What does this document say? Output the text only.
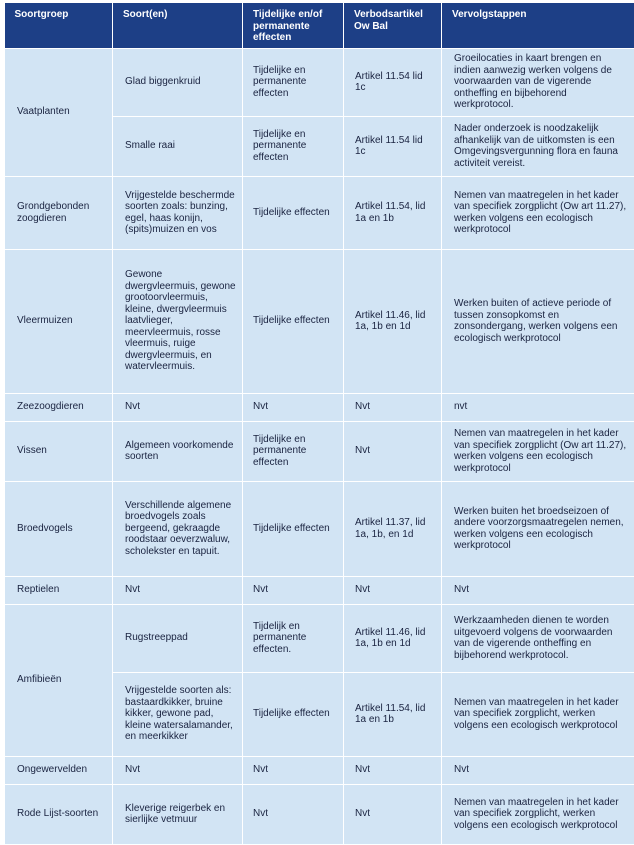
Soortgroep	Soort(en)	Tijdelijke en/of permanente effecten	Verbodsartikel Ow Bal	Vervolgstappen
Vaatplanten	Glad biggenkruid	Tijdelijke en permanente effecten	Artikel 11.54 lid 1c	Groeilocaties in kaart brengen en indien aanwezig werken volgens de voorwaarden van de vigerende ontheffing en bijbehorend werkprotocol.
	Smalle raai	Tijdelijke en permanente effecten	Artikel 11.54 lid 1c	Nader onderzoek is noodzakelijk afhankelijk van de uitkomsten is een Omgevingsvergunning flora en fauna activiteit vereist.
Grondgebonden zoogdieren	Vrijgestelde beschermde soorten zoals: bunzing, egel, haas konijn, (spits)muizen en vos	Tijdelijke effecten	Artikel 11.54, lid 1a en 1b	Nemen van maatregelen in het kader van specifiek zorgplicht (Ow art 11.27), werken volgens een ecologisch werkprotocol
Vleermuizen	Gewone dwergvleermuis, gewone grootoorvleermuis, kleine, dwergvleermuis laatvlieger, meervleermuis, rosse vleermuis, ruige dwergvleermuis, en watervleermuis.	Tijdelijke effecten	Artikel 11.46, lid 1a, 1b en 1d	Werken buiten of actieve periode of tussen zonsopkomst en zonsondergang, werken volgens een ecologisch werkprotocol
Zeezoogdieren	Nvt	Nvt	Nvt	nvt
Vissen	Algemeen voorkomende soorten	Tijdelijke en permanente effecten	Nvt	Nemen van maatregelen in het kader van specifiek zorgplicht (Ow art 11.27), werken volgens een ecologisch werkprotocol
Broedvogels	Verschillende algemene broedvogels zoals bergeend, gekraagde roodstaar oeverzwaluw, scholekster en tapuit.	Tijdelijke effecten	Artikel 11.37, lid 1a, 1b, en 1d	Werken buiten het broedseizoen of andere voorzorgsmaatregelen nemen, werken volgens een ecologisch werkprotocol
Reptielen	Nvt	Nvt	Nvt	Nvt
Amfibieën	Rugstreeppad	Tijdelijk en permanente effecten.	Artikel 11.46, lid 1a, 1b en 1d	Werkzaamheden dienen te worden uitgevoerd volgens de voorwaarden van de vigerende ontheffing en bijbehorend werkprotocol.
	Vrijgestelde soorten als: bastaardkikker, bruine kikker, gewone pad, kleine watersalamander, en meerkikker	Tijdelijke effecten	Artikel 11.54, lid 1a en 1b	Nemen van maatregelen in het kader van specifiek zorgplicht, werken volgens een ecologisch werkprotocol
Ongewervelden	Nvt	Nvt	Nvt	Nvt
Rode Lijst-soorten	Kleverige reigerbek en sierlijke vetmuur	Nvt	Nvt	Nemen van maatregelen in het kader van specifiek zorgplicht, werken volgens een ecologisch werkprotocol
